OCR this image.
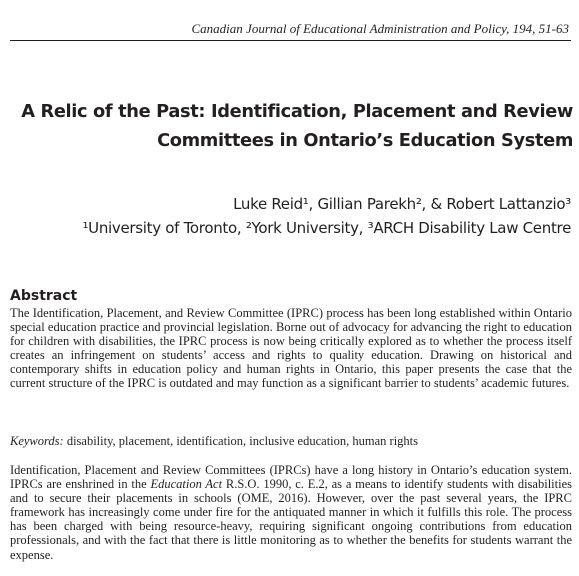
Canadian Journal of Educational Administration and Policy, 194, 51-63
A Relic of the Past: Identification, Placement and Review
Committees in Ontario’s Education System
Luke Reid¹, Gillian Parekh², & Robert Lattanzio³
¹University of Toronto, ²York University, ³ARCH Disability Law Centre
Abstract

The Identification, Placement, and Review Committee (IPRC) process has been long established within Ontario special education practice and provincial legislation. Borne out of advocacy for advancing the right to education for children with disabilities, the IPRC process is now being critically explored as to whether the process itself creates an infringement on students’ access and rights to quality education. Drawing on historical and contemporary shifts in education policy and human rights in Ontario, this paper presents the case that the current structure of the IPRC is outdated and may function as a significant barrier to students’ academic futures.

Keywords: disability, placement, identification, inclusive education, human rights

Identification, Placement and Review Committees (IPRCs) have a long history in Ontario’s education system. IPRCs are enshrined in the Education Act R.S.O. 1990, c. E.2, as a means to identify students with disabilities and to secure their placements in schools (OME, 2016). However, over the past several years, the IPRC framework has increasingly come under fire for the antiquated manner in which it fulfills this role. The process has been charged with being resource-heavy, requiring significant ongoing contributions from education professionals, and with the fact that there is little monitoring as to whether the benefits for students warrant the expense.
